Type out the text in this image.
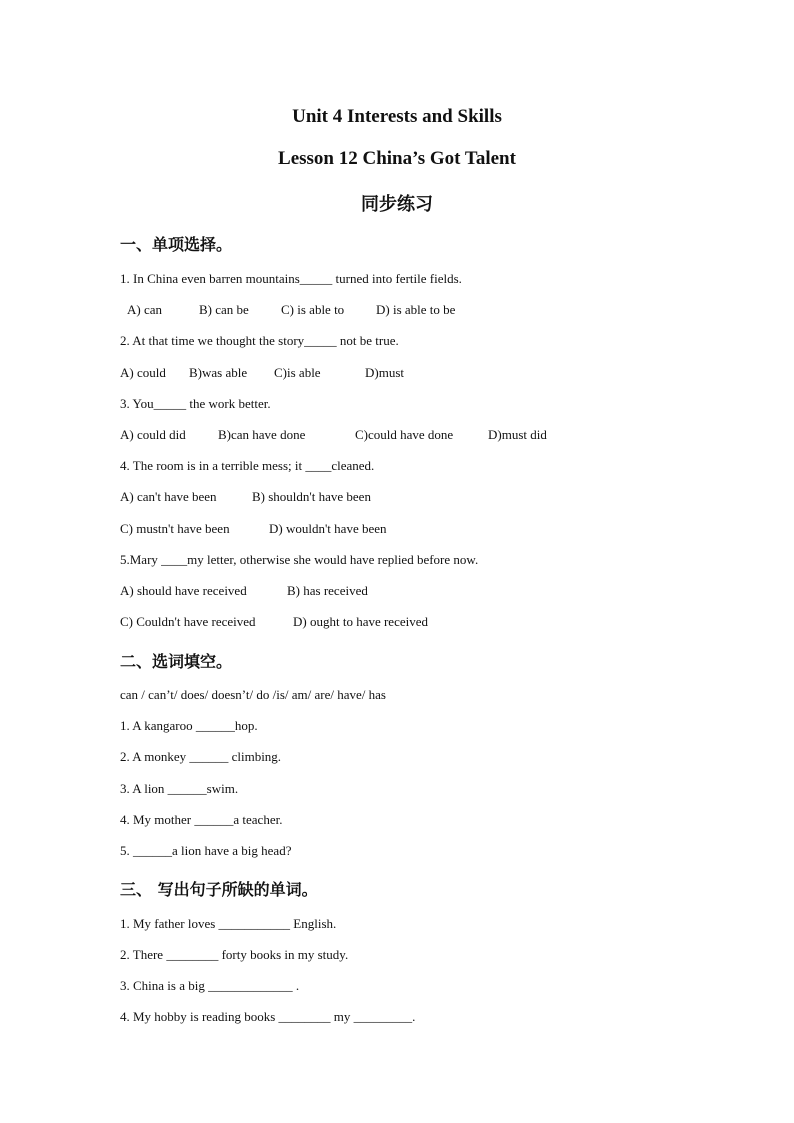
Unit 4 Interests and Skills
Lesson 12 China’s Got Talent
同步练习
一、单项选择。
1. In China even barren mountains_____ turned into fertile fields.
A) can	B) can be C) is able to D) is able to be
2. At that time we thought the story_____ not be true.
A) could B)was able C)is able	D)must
3. You_____ the work better.
A) could did B)can have done	C)could have done	D)must did
4. The room is in a terrible mess; it ____cleaned.
A) can't have been	B) shouldn't have been
C) mustn't have been	D) wouldn't have been
5.Mary ____my letter, otherwise she would have replied before now.
A) should have received	B) has received
C) Couldn't have received	D) ought to have received
二、选词填空。
can / can’t/ does/ doesn’t/ do /is/ am/ are/ have/ has
1. A kangaroo ______hop.
2. A monkey ______ climbing.
3. A lion ______swim.
4. My mother ______a teacher.
5. ______a lion have a big head?
三、 写出句子所缺的单词。
1. My father loves ___________ English.
2. There ________ forty books in my study.
3. China is a big _____________ .
4. My hobby is reading books ________ my _________.
